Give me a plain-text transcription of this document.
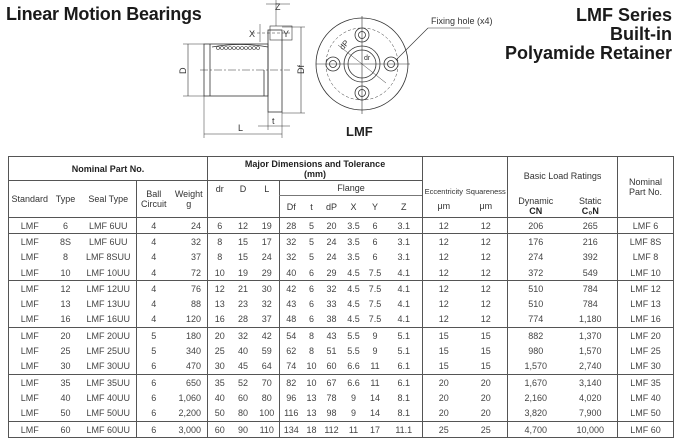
Linear Motion Bearings	LMF Series
Built-in
Polyamide Retainer
Z
X	Y
D	Df
L
t
dP
dr
Fixing hole (x4)
LMF
Nominal Part No.	Major Dimensions and Tolerance
(mm)		Basic Load Ratings	
Nominal
Part No.

Standard	Type	Seal Type	Ball
Circuit

Weight
g
	dr	D	L	Flange
Df	t	dP	X	Y	Z	
Eccentricity
μm

Squareness
μm	Dynamic
CN

Static
C₀N

LMF	6	LMF 6UU	4	24	6	12	19	28	5	20	3.5	6	3.1	12	12	206	265	LMF 6
LMF	8S	LMF 6UU	4	32	8	15	17	32	5	24	3.5	6	3.1	12	12	176	216	LMF 8S
LMF	8	LMF 8SUU	4	37	8	15	24	32	5	24	3.5	6	3.1	12	12	274	392	LMF 8
LMF	10	LMF 10UU	4	72	10	19	29	40	6	29	4.5	7.5	4.1	12	12	372	549	LMF 10
LMF	12	LMF 12UU	4	76	12	21	30	42	6	32	4.5	7.5	4.1	12	12	510	784	LMF 12
LMF	13	LMF 13UU	4	88	13	23	32	43	6	33	4.5	7.5	4.1	12	12	510	784	LMF 13
LMF	16	LMF 16UU	4	120	16	28	37	48	6	38	4.5	7.5	4.1	12	12	774	1,180	LMF 16
LMF	20	LMF 20UU	5	180	20	32	42	54	8	43	5.5	9	5.1	15	15	882	1,370	LMF 20
LMF	25	LMF 25UU	5	340	25	40	59	62	8	51	5.5	9	5.1	15	15	980	1,570	LMF 25
LMF	30	LMF 30UU	6	470	30	45	64	74	10	60	6.6	11	6.1	15	15	1,570	2,740	LMF 30
LMF	35	LMF 35UU	6	650	35	52	70	82	10	67	6.6	11	6.1	20	20	1,670	3,140	LMF 35
LMF	40	LMF 40UU	6	1,060	40	60	80	96	13	78	9	14	8.1	20	20	2,160	4,020	LMF 40
LMF	50	LMF 50UU	6	2,200	50	80	100	116	13	98	9	14	8.1	20	20	3,820	7,900	LMF 50
LMF	60	LMF 60UU	6	3,000	60	90	110	134	18	112	11	17	11.1	25	25	4,700	10,000	LMF 60
